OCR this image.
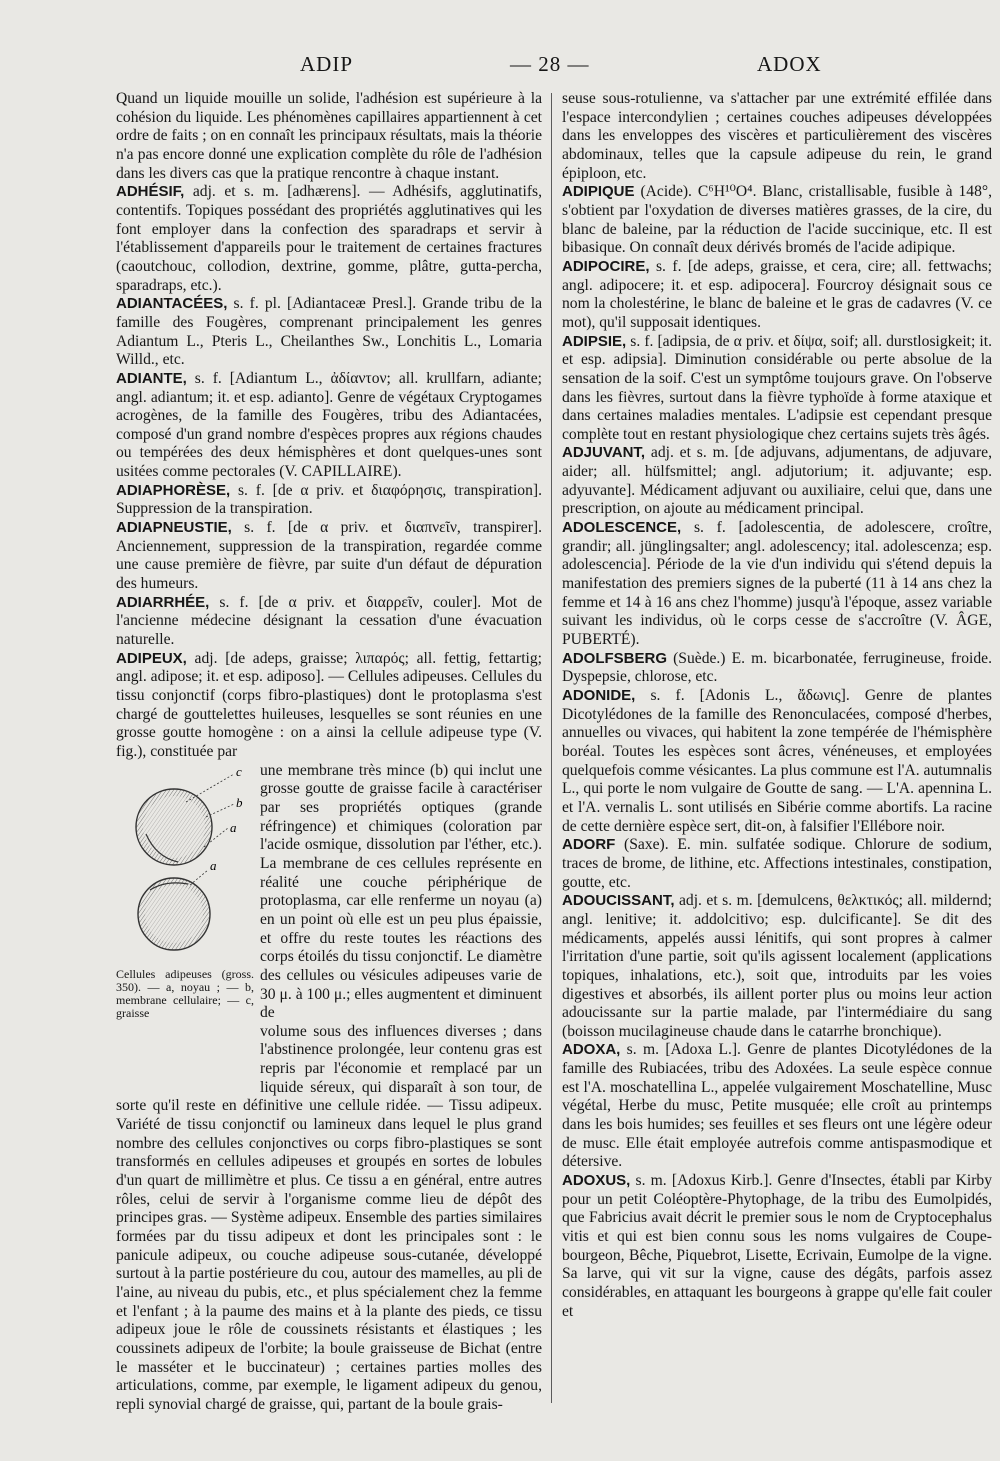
ADIP	— 28 —	ADOX

Quand un liquide mouille un solide, l'adhésion est supérieure à la cohésion du liquide. Les phénomènes capillaires appartiennent à cet ordre de faits ; on en connaît les principaux résultats, mais la théorie n'a pas encore donné une explication complète du rôle de l'adhésion dans les divers cas que la pratique rencontre à chaque instant.

ADHÉSIF, adj. et s. m. [adhærens]. — Adhésifs, agglutinatifs, contentifs. Topiques possédant des propriétés agglutinatives qui les font employer dans la confection des sparadraps et servir à l'établissement d'appareils pour le traitement de certaines fractures (caoutchouc, collodion, dextrine, gomme, plâtre, gutta-percha, sparadraps, etc.).

ADIANTACÉES, s. f. pl. [Adiantaceæ Presl.]. Grande tribu de la famille des Fougères, comprenant principalement les genres Adiantum L., Pteris L., Cheilanthes Sw., Lonchitis L., Lomaria Willd., etc.

ADIANTE, s. f. [Adiantum L., ἀδίαντον; all. krullfarn, adiante; angl. adiantum; it. et esp. adianto]. Genre de végétaux Cryptogames acrogènes, de la famille des Fougères, tribu des Adiantacées, composé d'un grand nombre d'espèces propres aux régions chaudes ou tempérées des deux hémisphères et dont quelques-unes sont usitées comme pectorales (V. CAPILLAIRE).

ADIAPHORÈSE, s. f. [de α priv. et διαφόρησις, transpiration]. Suppression de la transpiration.

ADIAPNEUSTIE, s. f. [de α priv. et διαπνεῖν, transpirer]. Anciennement, suppression de la transpiration, regardée comme une cause première de fièvre, par suite d'un défaut de dépuration des humeurs.

ADIARRHÉE, s. f. [de α priv. et διαρρεῖν, couler]. Mot de l'ancienne médecine désignant la cessation d'une évacuation naturelle.

ADIPEUX, adj. [de adeps, graisse; λιπαρός; all. fettig, fettartig; angl. adipose; it. et esp. adiposo]. — Cellules adipeuses. Cellules du tissu conjonctif (corps fibro-plastiques) dont le protoplasma s'est chargé de gouttelettes huileuses, lesquelles se sont réunies en une grosse goutte homogène : on a ainsi la cellule adipeuse type (V. fig.), constituée par

c
b
a
a
Cellules adipeuses (gross. 350). — a, noyau ; — b, membrane cellulaire; — c, graisse

une membrane très mince (b) qui inclut une grosse goutte de graisse facile à caractériser par ses propriétés optiques (grande réfringence) et chimiques (coloration par l'acide osmique, dissolution par l'éther, etc.). La membrane de ces cellules représente en réalité une couche périphérique de protoplasma, car elle renferme un noyau (a) en un point où elle est un peu plus épaissie, et offre du reste toutes les réactions des corps étoilés du tissu conjonctif. Le diamètre des cellules ou vésicules adipeuses varie de 30 μ. à 100 μ.; elles augmentent et diminuent de

volume sous des influences diverses ; dans l'abstinence prolongée, leur contenu gras est repris par l'économie et remplacé par un liquide séreux, qui disparaît à son tour, de sorte qu'il reste en définitive une cellule ridée. — Tissu adipeux. Variété de tissu conjonctif ou lamineux dans lequel le plus grand nombre des cellules conjonctives ou corps fibro-plastiques se sont transformés en cellules adipeuses et groupés en sortes de lobules d'un quart de millimètre et plus. Ce tissu a en général, entre autres rôles, celui de servir à l'organisme comme lieu de dépôt des principes gras. — Système adipeux. Ensemble des parties similaires formées par du tissu adipeux et dont les principales sont : le panicule adipeux, ou couche adipeuse sous-cutanée, développé surtout à la partie postérieure du cou, autour des mamelles, au pli de l'aine, au niveau du pubis, etc., et plus spécialement chez la femme et l'enfant ; à la paume des mains et à la plante des pieds, ce tissu adipeux joue le rôle de coussinets résistants et élastiques ; les coussinets adipeux de l'orbite; la boule graisseuse de Bichat (entre le masséter et le buccinateur) ; certaines parties molles des articulations, comme, par exemple, le ligament adipeux du genou, repli synovial chargé de graisse, qui, partant de la boule grais-

seuse sous-rotulienne, va s'attacher par une extrémité effilée dans l'espace intercondylien ; certaines couches adipeuses développées dans les enveloppes des viscères et particulièrement des viscères abdominaux, telles que la capsule adipeuse du rein, le grand épiploon, etc.

ADIPIQUE (Acide). C⁶H¹⁰O⁴. Blanc, cristallisable, fusible à 148°, s'obtient par l'oxydation de diverses matières grasses, de la cire, du blanc de baleine, par la réduction de l'acide succinique, etc. Il est bibasique. On connaît deux dérivés bromés de l'acide adipique.

ADIPOCIRE, s. f. [de adeps, graisse, et cera, cire; all. fettwachs; angl. adipocere; it. et esp. adipocera]. Fourcroy désignait sous ce nom la cholestérine, le blanc de baleine et le gras de cadavres (V. ce mot), qu'il supposait identiques.

ADIPSIE, s. f. [adipsia, de α priv. et δίψα, soif; all. durstlosigkeit; it. et esp. adipsia]. Diminution considérable ou perte absolue de la sensation de la soif. C'est un symptôme toujours grave. On l'observe dans les fièvres, surtout dans la fièvre typhoïde à forme ataxique et dans certaines maladies mentales. L'adipsie est cependant presque complète tout en restant physiologique chez certains sujets très âgés.

ADJUVANT, adj. et s. m. [de adjuvans, adjumentans, de adjuvare, aider; all. hülfsmittel; angl. adjutorium; it. adjuvante; esp. adyuvante]. Médicament adjuvant ou auxiliaire, celui que, dans une prescription, on ajoute au médicament principal.

ADOLESCENCE, s. f. [adolescentia, de adolescere, croître, grandir; all. jünglingsalter; angl. adolescency; ital. adolescenza; esp. adolescencia]. Période de la vie d'un individu qui s'étend depuis la manifestation des premiers signes de la puberté (11 à 14 ans chez la femme et 14 à 16 ans chez l'homme) jusqu'à l'époque, assez variable suivant les individus, où le corps cesse de s'accroître (V. ÂGE, PUBERTÉ).

ADOLFSBERG (Suède.) E. m. bicarbonatée, ferrugineuse, froide. Dyspepsie, chlorose, etc.

ADONIDE, s. f. [Adonis L., ἄδωνις]. Genre de plantes Dicotylédones de la famille des Renonculacées, composé d'herbes, annuelles ou vivaces, qui habitent la zone tempérée de l'hémisphère boréal. Toutes les espèces sont âcres, vénéneuses, et employées quelquefois comme vésicantes. La plus commune est l'A. autumnalis L., qui porte le nom vulgaire de Goutte de sang. — L'A. apennina L. et l'A. vernalis L. sont utilisés en Sibérie comme abortifs. La racine de cette dernière espèce sert, dit-on, à falsifier l'Ellébore noir.

ADORF (Saxe). E. min. sulfatée sodique. Chlorure de sodium, traces de brome, de lithine, etc. Affections intestinales, constipation, goutte, etc.

ADOUCISSANT, adj. et s. m. [demulcens, θελκτικός; all. mildernd; angl. lenitive; it. addolcitivo; esp. dulcificante]. Se dit des médicaments, appelés aussi lénitifs, qui sont propres à calmer l'irritation d'une partie, soit qu'ils agissent localement (applications topiques, inhalations, etc.), soit que, introduits par les voies digestives et absorbés, ils aillent porter plus ou moins leur action adoucissante sur la partie malade, par l'intermédiaire du sang (boisson mucilagineuse chaude dans le catarrhe bronchique).

ADOXA, s. m. [Adoxa L.]. Genre de plantes Dicotylédones de la famille des Rubiacées, tribu des Adoxées. La seule espèce connue est l'A. moschatellina L., appelée vulgairement Moschatelline, Musc végétal, Herbe du musc, Petite musquée; elle croît au printemps dans les bois humides; ses feuilles et ses fleurs ont une légère odeur de musc. Elle était employée autrefois comme antispasmodique et détersive.

ADOXUS, s. m. [Adoxus Kirb.]. Genre d'Insectes, établi par Kirby pour un petit Coléoptère-Phytophage, de la tribu des Eumolpidés, que Fabricius avait décrit le premier sous le nom de Cryptocephalus vitis et qui est bien connu sous les noms vulgaires de Coupe-bourgeon, Bêche, Piquebrot, Lisette, Ecrivain, Eumolpe de la vigne. Sa larve, qui vit sur la vigne, cause des dégâts, parfois assez considérables, en attaquant les bourgeons à grappe qu'elle fait couler et
